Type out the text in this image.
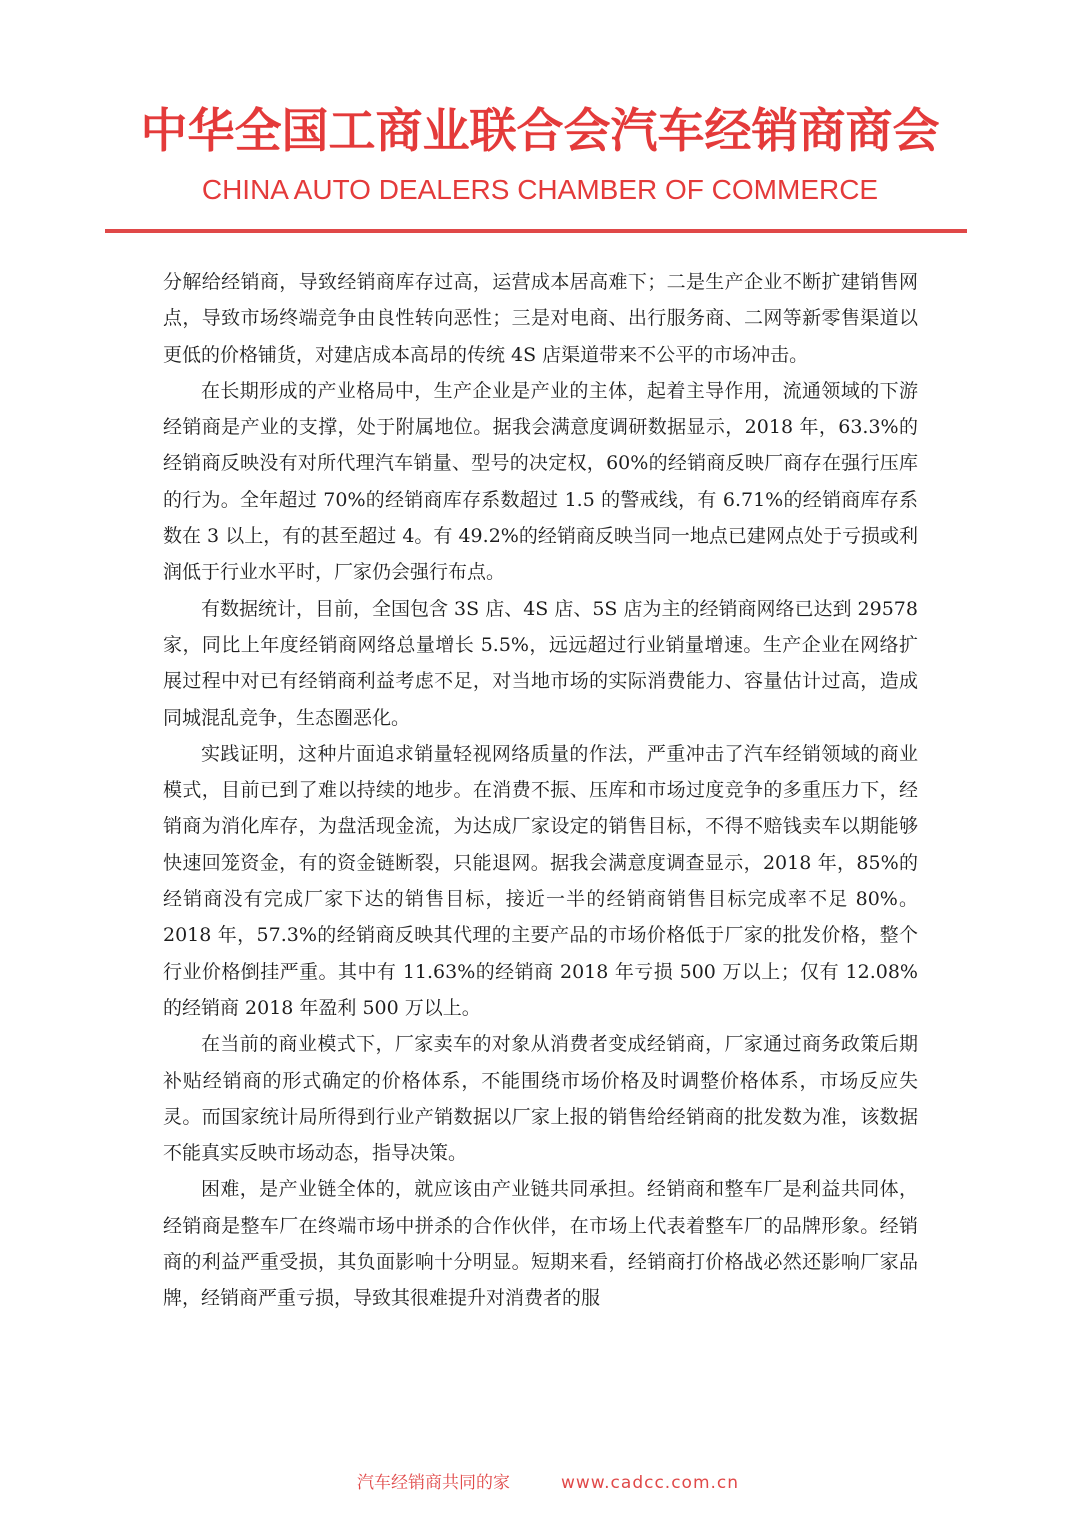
中华全国工商业联合会汽车经销商商会
CHINA AUTO DEALERS CHAMBER OF COMMERCE

分解给经销商，导致经销商库存过高，运营成本居高难下；二是生产企业不断扩建销售网点，导致市场终端竞争由良性转向恶性；三是对电商、出行服务商、二网等新零售渠道以更低的价格铺货，对建店成本高昂的传统 4S 店渠道带来不公平的市场冲击。

在长期形成的产业格局中，生产企业是产业的主体，起着主导作用，流通领域的下游经销商是产业的支撑，处于附属地位。据我会满意度调研数据显示，2018 年，63.3%的经销商反映没有对所代理汽车销量、型号的决定权，60%的经销商反映厂商存在强行压库的行为。全年超过 70%的经销商库存系数超过 1.5 的警戒线，有 6.71%的经销商库存系数在 3 以上，有的甚至超过 4。有 49.2%的经销商反映当同一地点已建网点处于亏损或利润低于行业水平时，厂家仍会强行布点。

有数据统计，目前，全国包含 3S 店、4S 店、5S 店为主的经销商网络已达到 29578 家，同比上年度经销商网络总量增长 5.5%，远远超过行业销量增速。生产企业在网络扩展过程中对已有经销商利益考虑不足，对当地市场的实际消费能力、容量估计过高，造成同城混乱竞争，生态圈恶化。

实践证明，这种片面追求销量轻视网络质量的作法，严重冲击了汽车经销领域的商业模式，目前已到了难以持续的地步。在消费不振、压库和市场过度竞争的多重压力下，经销商为消化库存，为盘活现金流，为达成厂家设定的销售目标，不得不赔钱卖车以期能够快速回笼资金，有的资金链断裂，只能退网。据我会满意度调查显示，2018 年，85%的经销商没有完成厂家下达的销售目标，接近一半的经销商销售目标完成率不足 80%。2018 年，57.3%的经销商反映其代理的主要产品的市场价格低于厂家的批发价格，整个行业价格倒挂严重。其中有 11.63%的经销商 2018 年亏损 500 万以上；仅有 12.08%的经销商 2018 年盈利 500 万以上。

在当前的商业模式下，厂家卖车的对象从消费者变成经销商，厂家通过商务政策后期补贴经销商的形式确定的价格体系，不能围绕市场价格及时调整价格体系，市场反应失灵。而国家统计局所得到行业产销数据以厂家上报的销售给经销商的批发数为准，该数据不能真实反映市场动态，指导决策。

困难，是产业链全体的，就应该由产业链共同承担。经销商和整车厂是利益共同体，经销商是整车厂在终端市场中拼杀的合作伙伴，在市场上代表着整车厂的品牌形象。经销商的利益严重受损，其负面影响十分明显。短期来看，经销商打价格战必然还影响厂家品牌，经销商严重亏损，导致其很难提升对消费者的服

汽车经销商共同的家	www.cadcc.com.cn
